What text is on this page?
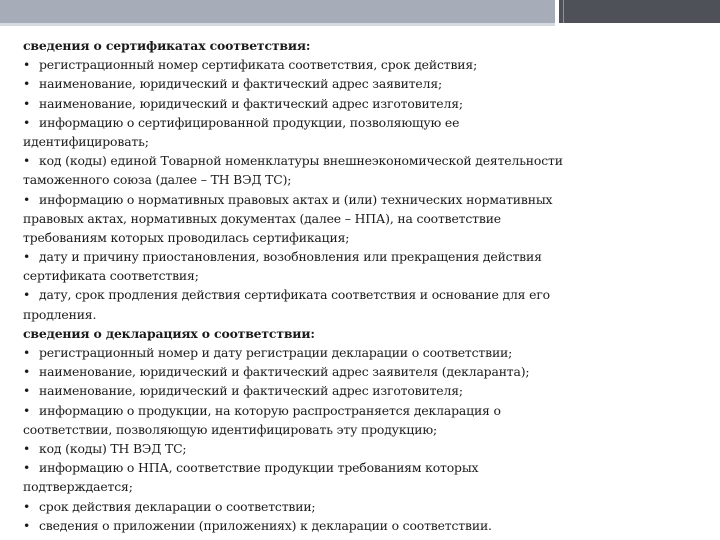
сведения о сертификатах соответствия:
• регистрационный номер сертификата соответствия, срок действия;
• наименование, юридический и фактический адрес заявителя;
• наименование, юридический и фактический адрес изготовителя;
• информацию о сертифицированной продукции, позволяющую ее
идентифицировать;
• код (коды) единой Товарной номенклатуры внешнеэкономической деятельности
таможенного союза (далее – ТН ВЭД ТС);
• информацию о нормативных правовых актах и (или) технических нормативных
правовых актах, нормативных документах (далее – НПА), на соответствие
требованиям которых проводилась сертификация;
• дату и причину приостановления, возобновления или прекращения действия
сертификата соответствия;
• дату, срок продления действия сертификата соответствия и основание для его
продления.
сведения о декларациях о соответствии:
• регистрационный номер и дату регистрации декларации о соответствии;
• наименование, юридический и фактический адрес заявителя (декларанта);
• наименование, юридический и фактический адрес изготовителя;
• информацию о продукции, на которую распространяется декларация о
соответствии, позволяющую идентифицировать эту продукцию;
• код (коды) ТН ВЭД ТС;
• информацию о НПА, соответствие продукции требованиям которых
подтверждается;
• срок действия декларации о соответствии;
• сведения о приложении (приложениях) к декларации о соответствии.
